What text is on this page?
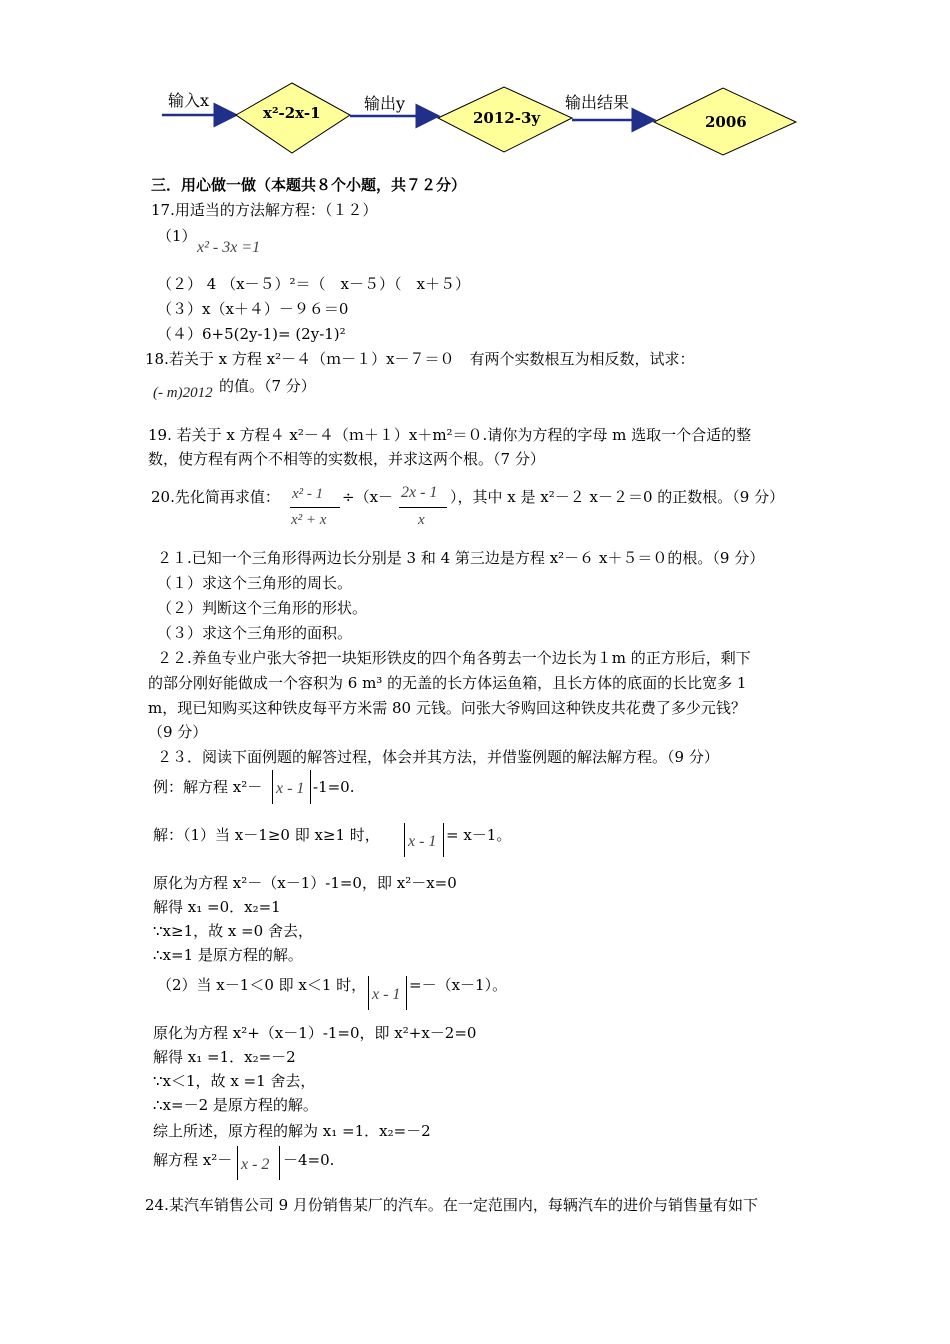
输入x
x²-2x-1	输出y
2012-3y
输出结果
2006
三．用心做一做（本题共８个小题，共７２分）
17.用适当的方法解方程：（１２）
（1）
x² - 3x =1
（２） 4 （x－５）²＝（　x－５）（　x＋５）
（３）x（x＋４）－９６＝0
（４）6+5(2y-1)= (2y-1)²
18.若关于 x 方程 x²－４（ｍ－１）x－７＝０　有两个实数根互为相反数，试求：
(- m)2012 的值。（7 分）
19. 若关于 x 方程４ x²－４（ｍ＋１）x＋m²＝０.请你为方程的字母 m 选取一个合适的整
数，使方程有两个不相等的实数根，并求这两个根。（7 分）
20.先化简再求值： x² - 1
x² + x
÷（x－ 2x - 1
x
），其中 x 是 x²－２ x－２＝0 的正数根。（9 分）
２１.已知一个三角形得两边长分别是 3 和 4 第三边是方程 x²－６ x＋５＝０的根。（9 分）
（１）求这个三角形的周长。
（２）判断这个三角形的形状。
（３）求这个三角形的面积。
２２.养鱼专业户张大爷把一块矩形铁皮的四个角各剪去一个边长为１m 的正方形后，剩下
的部分刚好能做成一个容积为 6 m³ 的无盖的长方体运鱼箱，且长方体的底面的长比宽多 1
m，现已知购买这种铁皮每平方米需 80 元钱。问张大爷购回这种铁皮共花费了多少元钱？
（9 分）
２３．阅读下面例题的解答过程，体会并其方法，并借鉴例题的解法解方程。（9 分）
例：解方程 x²－ x - 1 -1=0.
解：（1）当 x－1≥0 即 x≥1 时， x - 1 = x－1。
原化为方程 x²－（x－1）-1=0，即 x²－x=0
解得 x₁ =0．x₂=1
∵x≥1，故 x =0 舍去，
∴x=1 是原方程的解。
（2）当 x－1＜0 即 x＜1 时，
x - 1
=－（x－1）。
原化为方程 x²+（x－1）-1=0，即 x²+x－2=0
解得 x₁ =1．x₂=－2
∵x＜1，故 x =1 舍去，
∴x=－2 是原方程的解。
综上所述，原方程的解为 x₁ =1．x₂=－2
解方程 x²－ x - 2 －4=0.
24.某汽车销售公司 9 月份销售某厂的汽车。在一定范围内，每辆汽车的进价与销售量有如下
